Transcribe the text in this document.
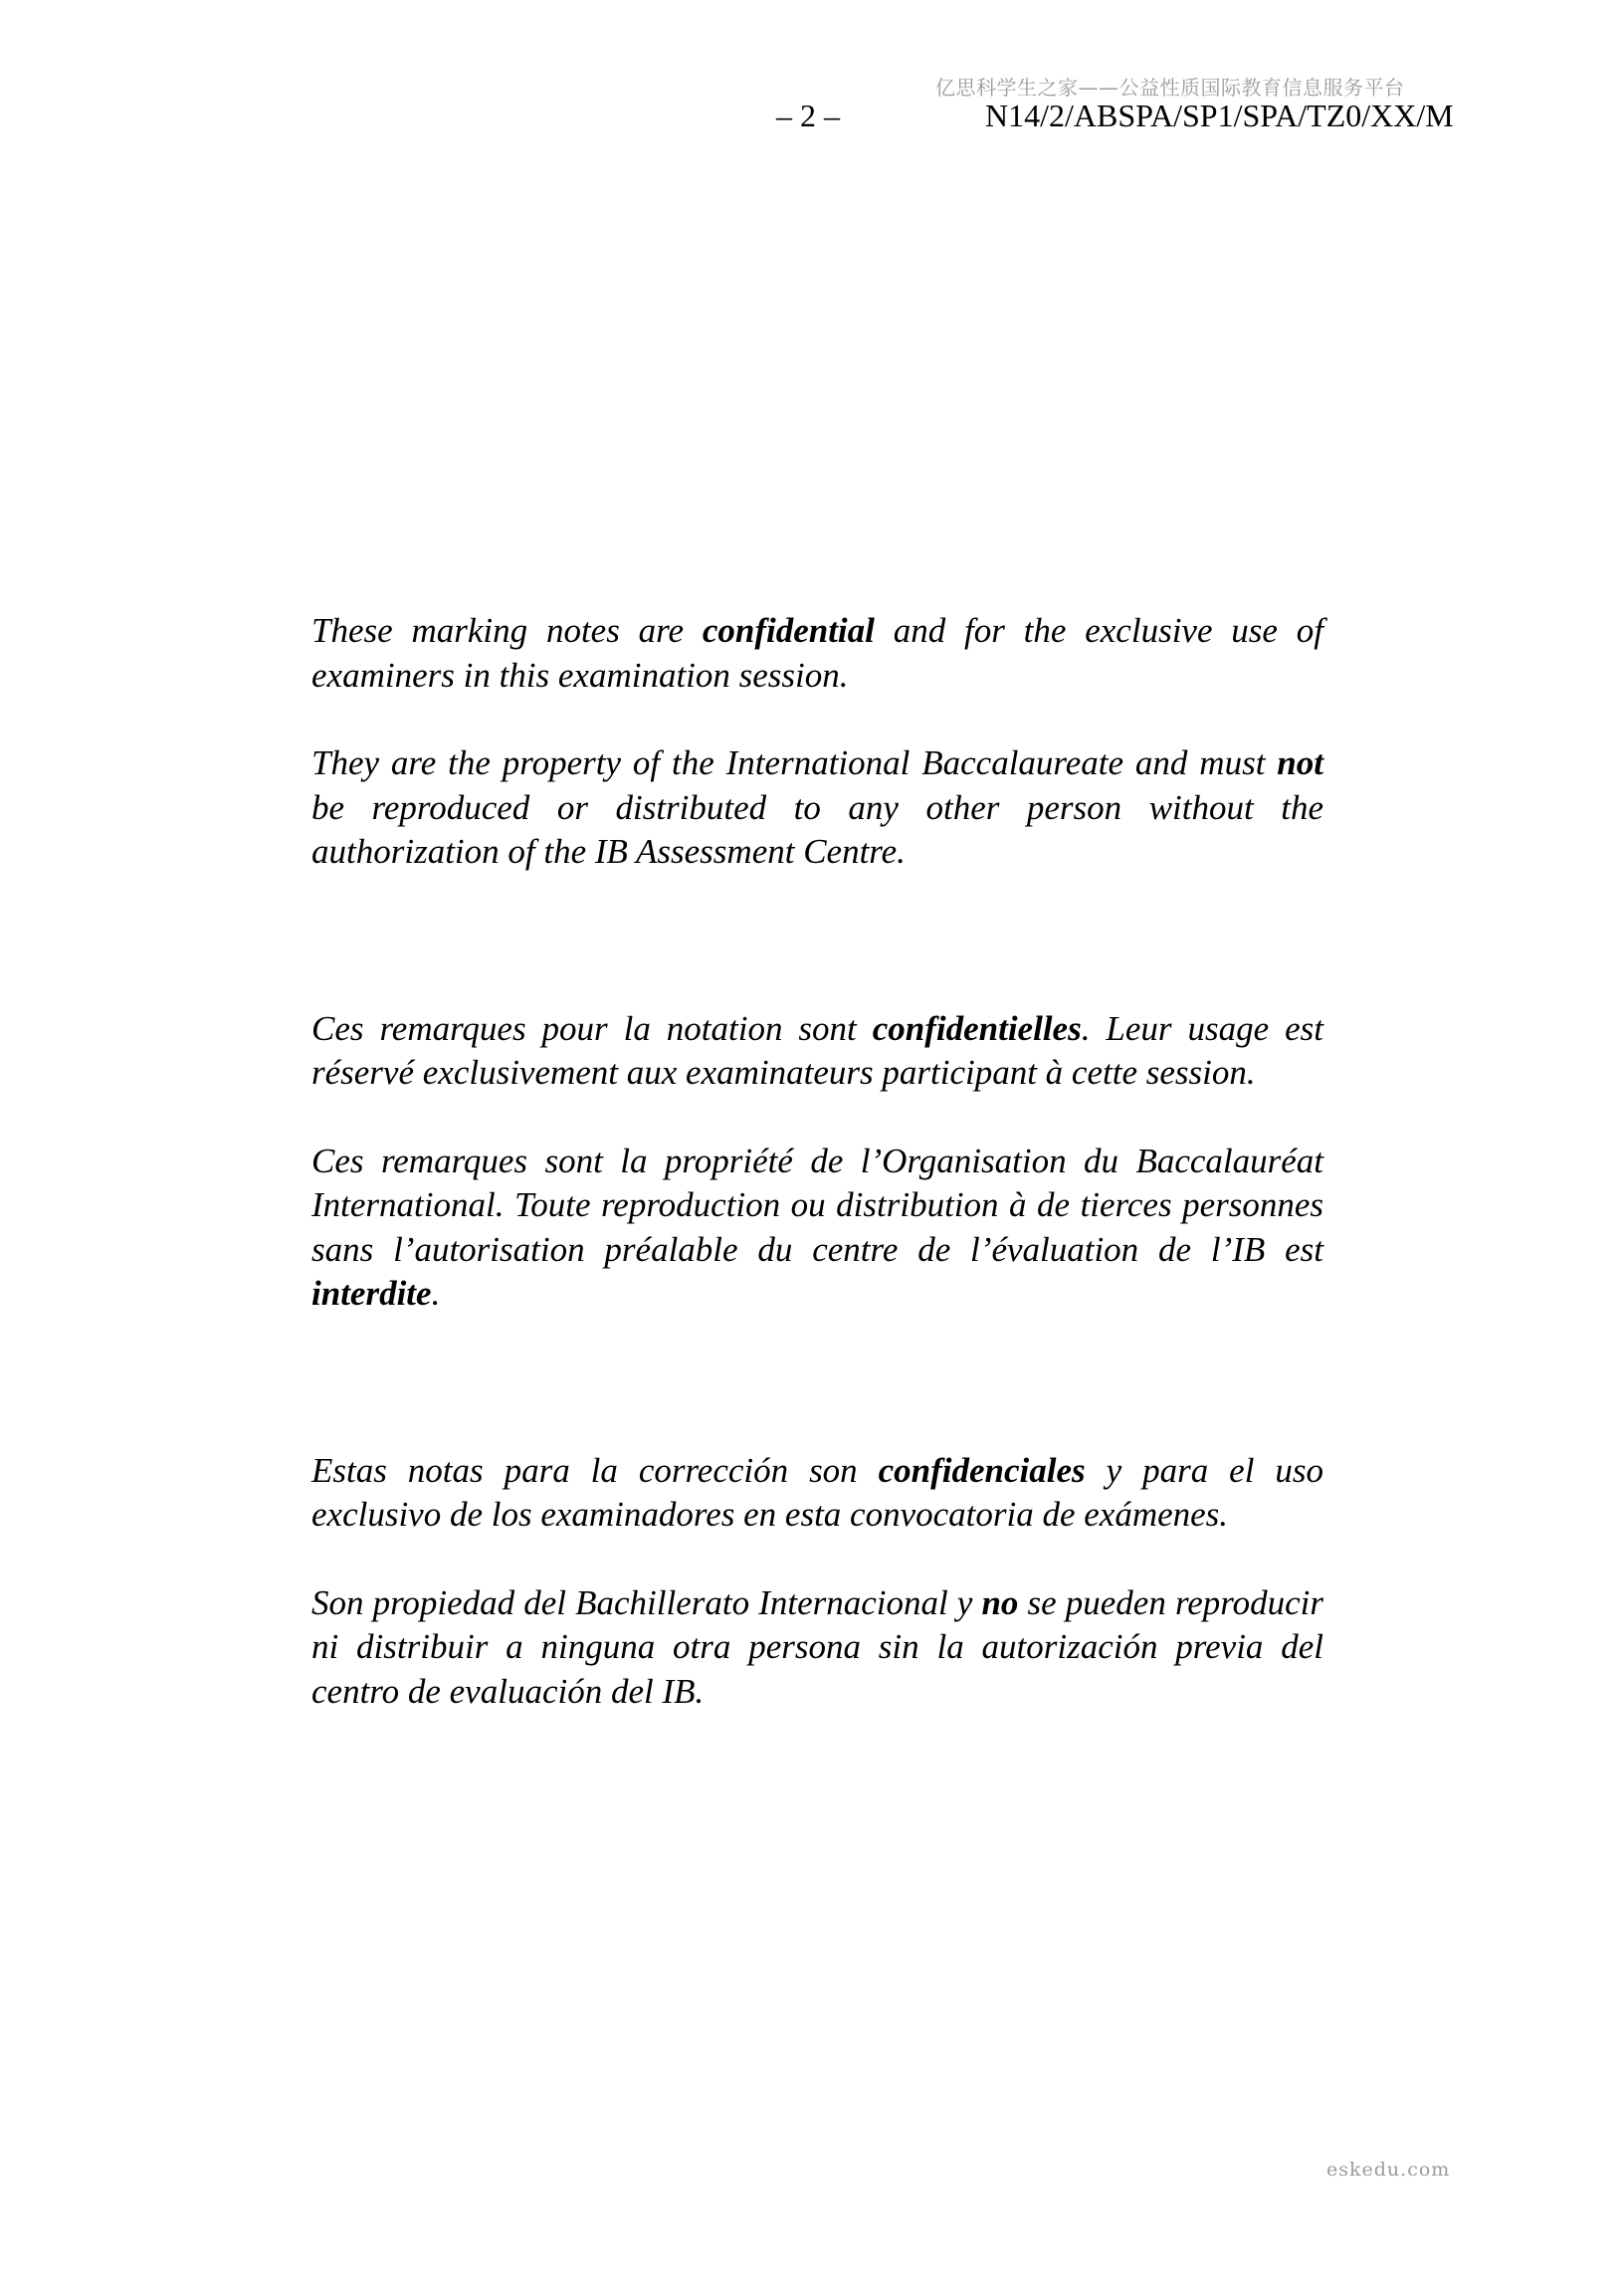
亿思科学生之家——公益性质国际教育信息服务平台
– 2 –	N14/2/ABSPA/SP1/SPA/TZ0/XX/M

These marking notes are confidential and for the exclusive use of examiners in this examination session.

They are the property of the International Baccalaureate and must not be reproduced or distributed to any other person without the authorization of the IB Assessment Centre.

Ces remarques pour la notation sont confidentielles. Leur usage est réservé exclusivement aux examinateurs participant à cette session.

Ces remarques sont la propriété de l’Organisation du Baccalauréat International. Toute reproduction ou distribution à de tierces personnes sans l’autorisation préalable du centre de l’évaluation de l’IB est interdite.

Estas notas para la corrección son confidenciales y para el uso exclusivo de los examinadores en esta convocatoria de exámenes.

Son propiedad del Bachillerato Internacional y no se pueden reproducir ni distribuir a ninguna otra persona sin la autorización previa del centro de evaluación del IB.

eskedu.com
